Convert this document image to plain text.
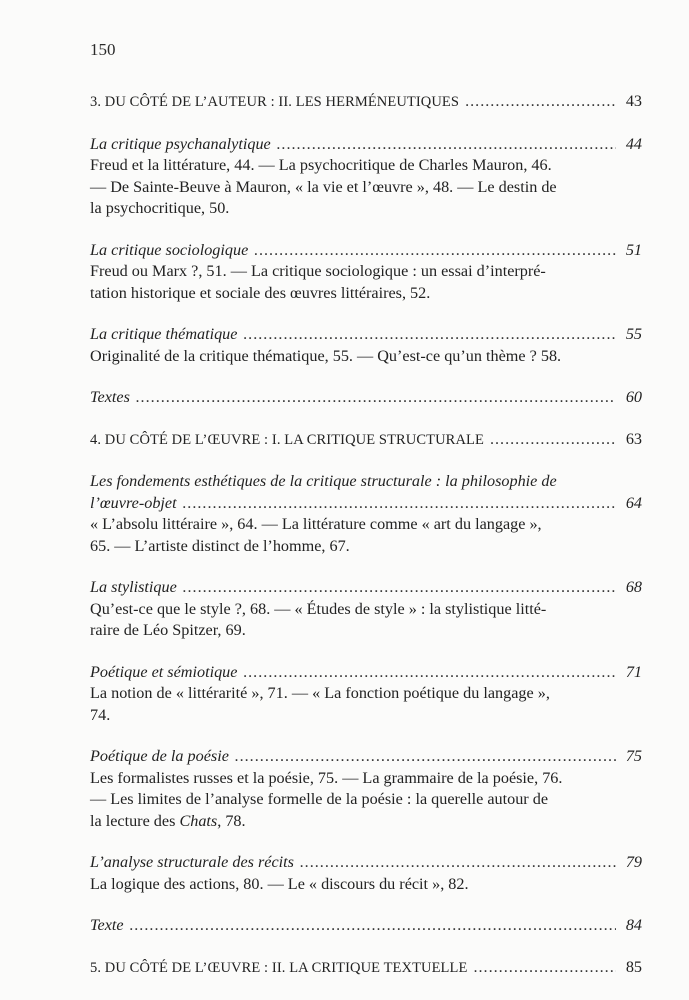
150
3. DU CÔTÉ DE L’AUTEUR : II. LES HERMÉNEUTIQUES .....	43
La critique psychanalytique .....	44
Freud et la littérature, 44. — La psychocritique de Charles Mauron, 46.
— De Sainte-Beuve à Mauron, « la vie et l’œuvre », 48. — Le destin de
la psychocritique, 50.
La critique sociologique .....	51
Freud ou Marx ?, 51. — La critique sociologique : un essai d’interpré-
tation historique et sociale des œuvres littéraires, 52.
La critique thématique .....	55
Originalité de la critique thématique, 55. — Qu’est-ce qu’un thème ? 58.
Textes .....	60
4. DU CÔTÉ DE L’ŒUVRE : I. LA CRITIQUE STRUCTURALE .....	63
Les fondements esthétiques de la critique structurale : la philosophie de
l’œuvre-objet .....	64
« L’absolu littéraire », 64. — La littérature comme « art du langage »,
65. — L’artiste distinct de l’homme, 67.
La stylistique .....	68
Qu’est-ce que le style ?, 68. — « Études de style » : la stylistique litté-
raire de Léo Spitzer, 69.
Poétique et sémiotique .....	71
La notion de « littérarité », 71. — « La fonction poétique du langage »,
74.
Poétique de la poésie .....	75
Les formalistes russes et la poésie, 75. — La grammaire de la poésie, 76.
— Les limites de l’analyse formelle de la poésie : la querelle autour de
la lecture des Chats, 78.
L’analyse structurale des récits .....	79
La logique des actions, 80. — Le « discours du récit », 82.
Texte .....	84
5. DU CÔTÉ DE L’ŒUVRE : II. LA CRITIQUE TEXTUELLE .....	85
